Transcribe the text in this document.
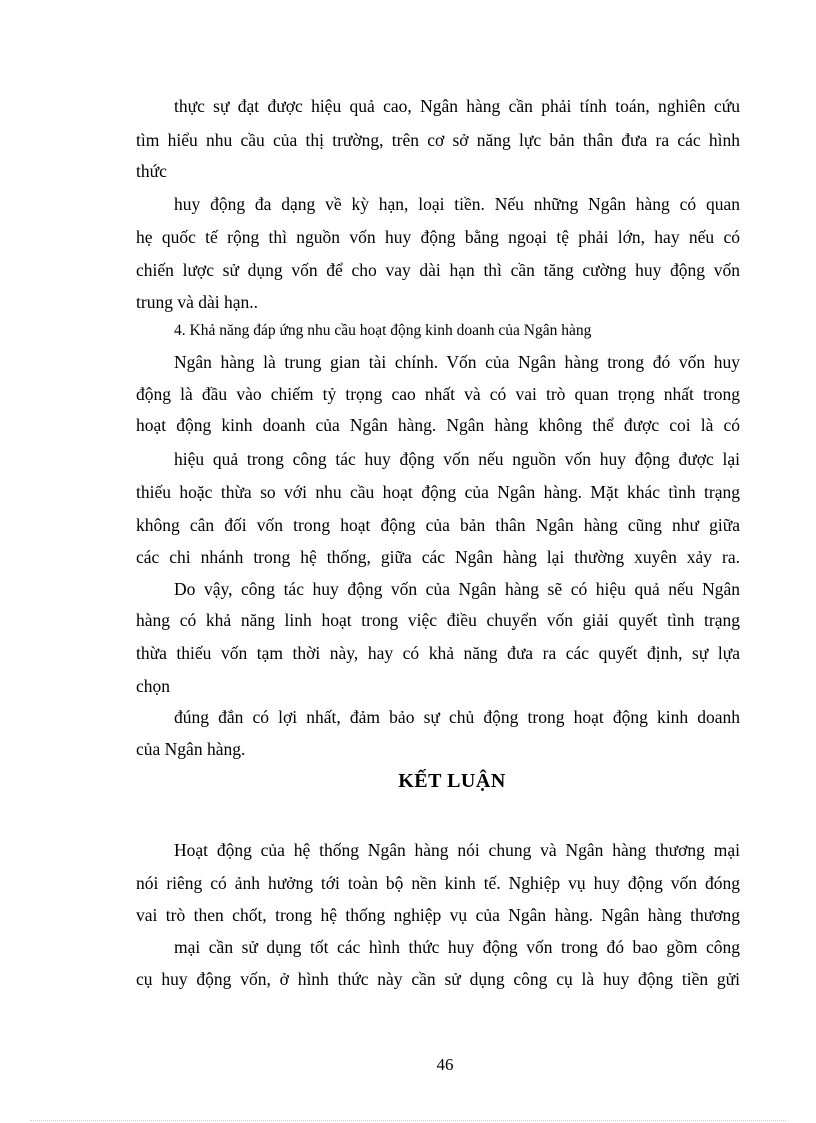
thực sự đạt được hiệu quả cao, Ngân hàng cần phải tính toán, nghiên cứu
tìm hiểu nhu cầu của thị trường, trên cơ sở năng lực bản thân đưa ra các hình
thức
huy động đa dạng về kỳ hạn, loại tiền. Nếu những Ngân hàng có quan
hẹ quốc tế rộng thì nguồn vốn huy động bằng ngoại tệ phải lớn, hay nếu có
chiến lược sử dụng vốn để cho vay dài hạn thì cần tăng cường huy động vốn
trung và dài hạn..
4. Khả năng đáp ứng nhu cầu hoạt động kinh doanh của Ngân hàng
Ngân hàng là trung gian tài chính. Vốn của Ngân hàng trong đó vốn huy
động là đầu vào chiếm tỷ trọng cao nhất và có vai trò quan trọng nhất trong
hoạt động kinh doanh của Ngân hàng. Ngân hàng không thể được coi là có
hiệu quả trong công tác huy động vốn nếu nguồn vốn huy động được lại
thiếu hoặc thừa so với nhu cầu hoạt động của Ngân hàng. Mặt khác tình trạng
không cân đối vốn trong hoạt động của bản thân Ngân hàng cũng như giữa
các chi nhánh trong hệ thống, giữa các Ngân hàng lại thường xuyên xảy ra.
Do vậy, công tác huy động vốn của Ngân hàng sẽ có hiệu quả nếu Ngân
hàng có khả năng linh hoạt trong việc điều chuyển vốn giải quyết tình trạng
thừa thiếu vốn tạm thời này, hay có khả năng đưa ra các quyết định, sự lựa
chọn
đúng đắn có lợi nhất, đảm bảo sự chủ động trong hoạt động kinh doanh
của Ngân hàng.
KẾT LUẬN
Hoạt động của hệ thống Ngân hàng nói chung và Ngân hàng thương mại
nói riêng có ảnh hưởng tới toàn bộ nền kinh tế. Nghiệp vụ huy động vốn đóng
vai trò then chốt, trong hệ thống nghiệp vụ của Ngân hàng. Ngân hàng thương
mại cần sử dụng tốt các hình thức huy động vốn trong đó bao gồm công
cụ huy động vốn, ở hình thức này cần sử dụng công cụ là huy động tiền gửi
46
